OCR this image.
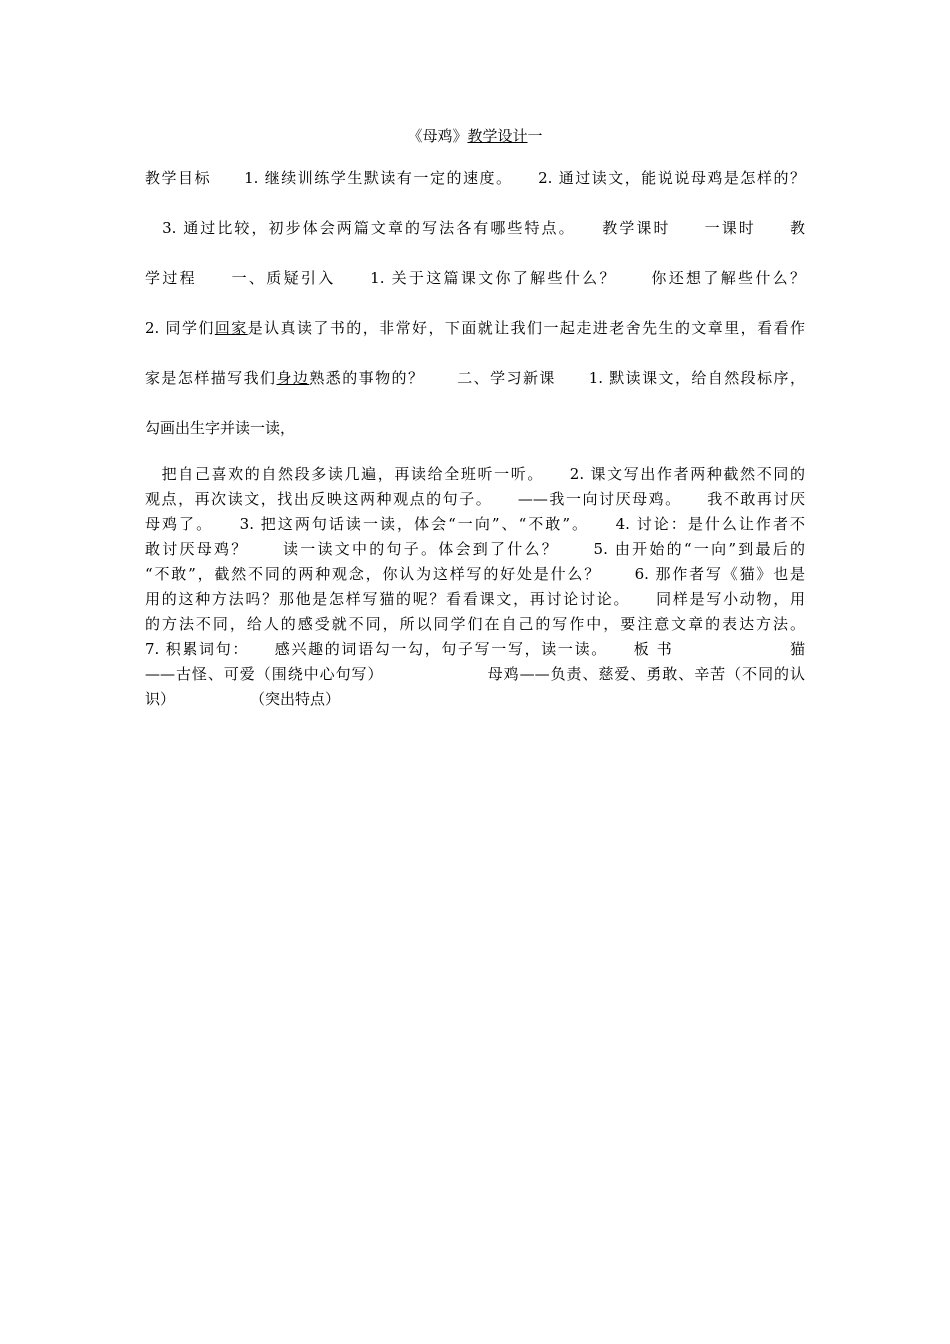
《母鸡》教学设计一
教学目标　　1. 继续训练学生默读有一定的速度。　　2. 通过读文，能说说母鸡是怎样的？
　3. 通过比较，初步体会两篇文章的写法各有哪些特点。　　教学课时　　一课时　　教
学过程　　一、质疑引入　　1. 关于这篇课文你了解些什么？　　你还想了解些什么？
2. 同学们回家是认真读了书的，非常好，下面就让我们一起走进老舍先生的文章里，看看作
家是怎样描写我们身边熟悉的事物的？　　二、学习新课　　1. 默读课文，给自然段标序，
勾画出生字并读一读，
　把自己喜欢的自然段多读几遍，再读给全班听一听。　　2. 课文写出作者两种截然不同的
观点，再次读文，找出反映这两种观点的句子。　　——我一向讨厌母鸡。　　我不敢再讨厌
母鸡了。　　3. 把这两句话读一读，体会“一向”、“不敢”。　　4. 讨论：是什么让作者不
敢讨厌母鸡？　　读一读文中的句子。体会到了什么？　　5. 由开始的“一向”到最后的
“不敢”，截然不同的两种观念，你认为这样写的好处是什么？　　6. 那作者写《猫》也是
用的这种方法吗？那他是怎样写猫的呢？看看课文，再讨论讨论。　　同样是写小动物，用
的方法不同，给人的感受就不同，所以同学们在自己的写作中，要注意文章的表达方法。
7. 积累词句：　　感兴趣的词语勾一勾，句子写一写，读一读。　　板 书　　　　　　　猫
——古怪、可爱（围绕中心句写）　　　　　　　母鸡——负责、慈爱、勇敢、辛苦（不同的认
识）　　　　　　（突出特点）
